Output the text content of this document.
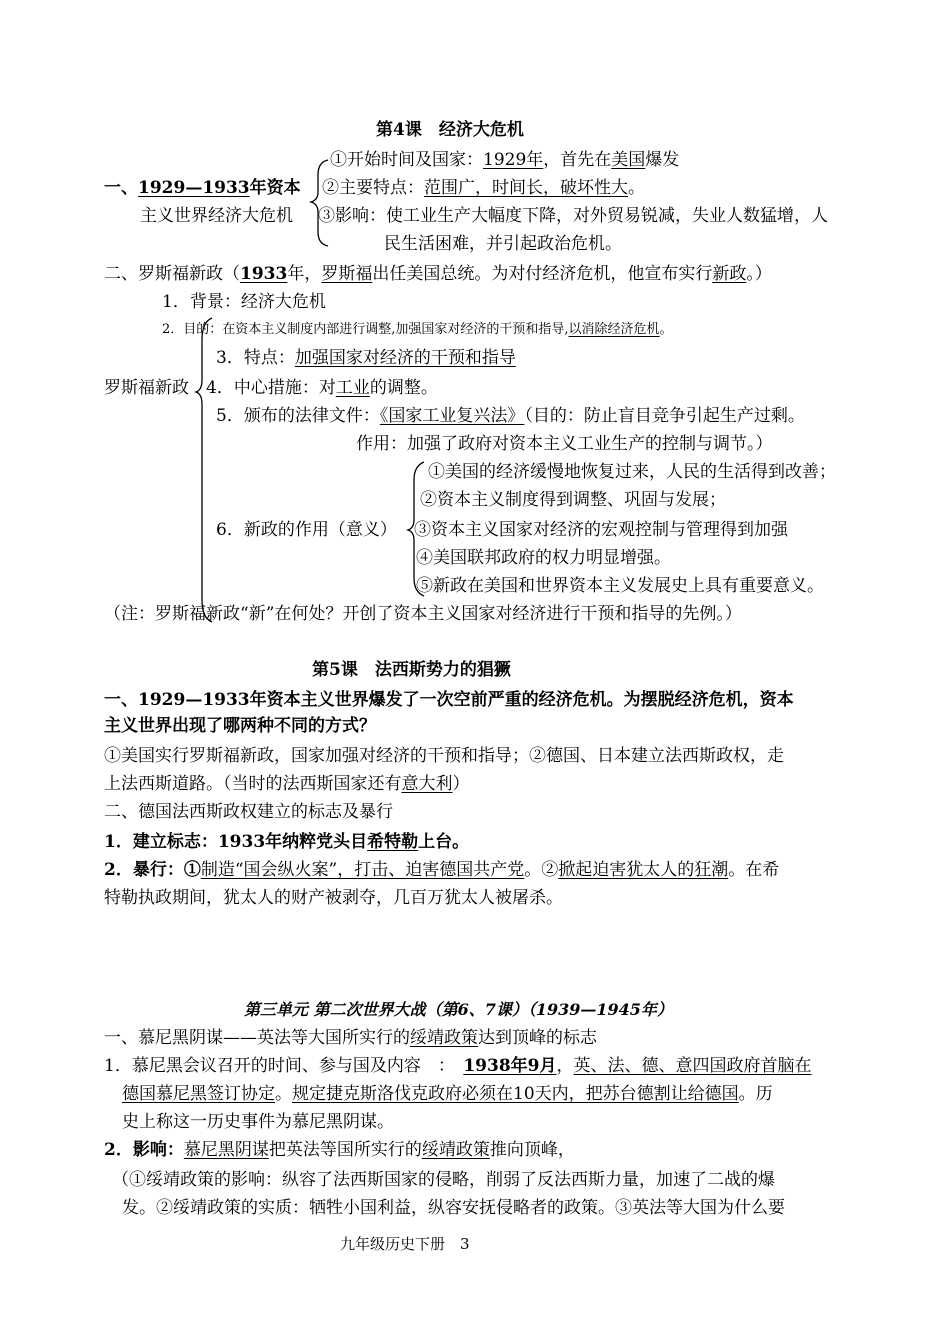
第4课　经济大危机
①开始时间及国家：1929年，首先在美国爆发
一、1929—1933年资本 ②主要特点：范围广，时间长，破坏性大。
主义世界经济大危机 ③影响：使工业生产大幅度下降，对外贸易锐减，失业人数猛增，人
民生活困难，并引起政治危机。
二、罗斯福新政（1933年，罗斯福出任美国总统。为对付经济危机，他宣布实行新政。）
1．背景：经济大危机
2．目的：在资本主义制度内部进行调整,加强国家对经济的干预和指导,以消除经济危机。
3．特点：加强国家对经济的干预和指导
罗斯福新政 4．中心措施：对工业的调整。
5．颁布的法律文件：《国家工业复兴法》（目的：防止盲目竞争引起生产过剩。
作用：加强了政府对资本主义工业生产的控制与调节。）
①美国的经济缓慢地恢复过来，人民的生活得到改善；
②资本主义制度得到调整、巩固与发展；
6．新政的作用（意义） ③资本主义国家对经济的宏观控制与管理得到加强
④美国联邦政府的权力明显增强。
⑤新政在美国和世界资本主义发展史上具有重要意义。
（注：罗斯福新政“新”在何处？开创了资本主义国家对经济进行干预和指导的先例。）
第5课　法西斯势力的猖獗
一、1929—1933年资本主义世界爆发了一次空前严重的经济危机。为摆脱经济危机，资本
主义世界出现了哪两种不同的方式？
①美国实行罗斯福新政，国家加强对经济的干预和指导；②德国、日本建立法西斯政权，走
上法西斯道路。（当时的法西斯国家还有意大利）
二、德国法西斯政权建立的标志及暴行
1．建立标志：1933年纳粹党头目希特勒上台。
2．暴行：①制造“国会纵火案”，打击、迫害德国共产党。②掀起迫害犹太人的狂潮。在希
特勒执政期间，犹太人的财产被剥夺，几百万犹太人被屠杀。
第三单元 第二次世界大战（第6、7课）（1939—1945年）
一、慕尼黑阴谋——英法等大国所实行的绥靖政策达到顶峰的标志
1．慕尼黑会议召开的时间、参与国及内容　：　1938年9月，英、法、德、意四国政府首脑在
德国慕尼黑签订协定。规定捷克斯洛伐克政府必须在10天内，把苏台德割让给德国。历
史上称这一历史事件为慕尼黑阴谋。
2．影响：慕尼黑阴谋把英法等国所实行的绥靖政策推向顶峰，
（①绥靖政策的影响：纵容了法西斯国家的侵略，削弱了反法西斯力量，加速了二战的爆
发。②绥靖政策的实质：牺牲小国利益，纵容安抚侵略者的政策。③英法等大国为什么要
九年级历史下册　3
